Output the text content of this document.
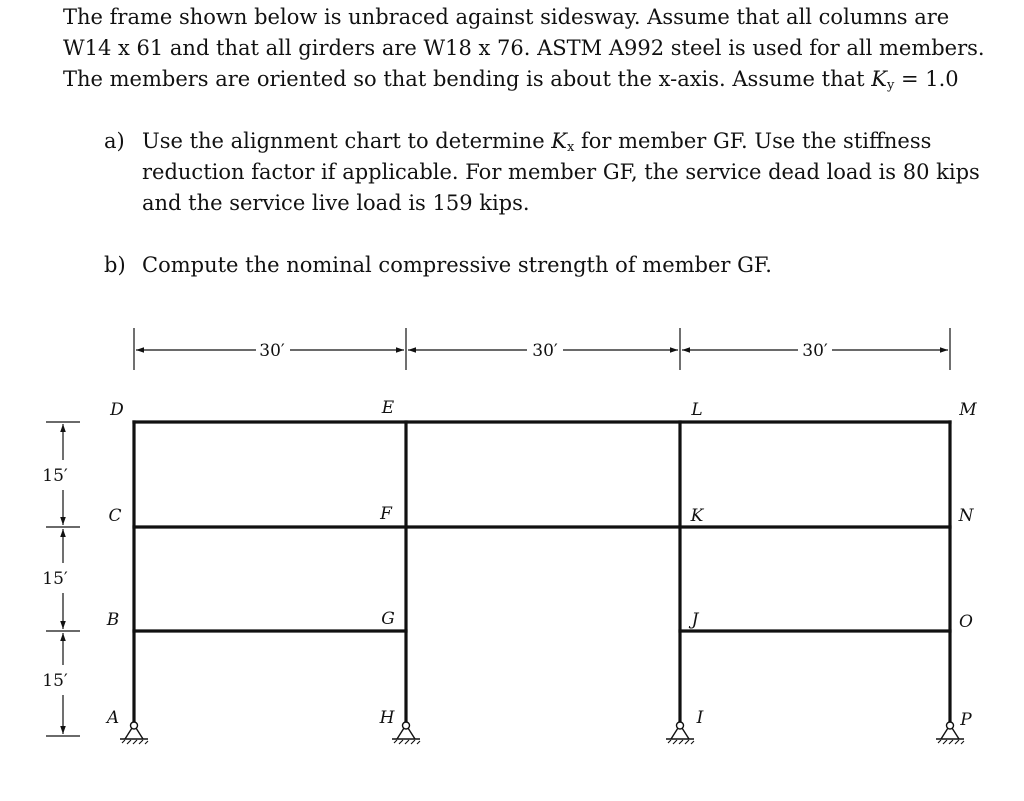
The frame shown below is unbraced against sidesway. Assume that all columns are
W14 x 61 and that all girders are W18 x 76. ASTM A992 steel is used for all members.
The members are oriented so that bending is about the x-axis. Assume that $K_y = 1.0$

a) Use the alignment chart to determine $K_x$ for member GF. Use the stiffness
reduction factor if applicable. For member GF, the service dead load is 80 kips
and the service live load is 159 kips.
b) Compute the nominal compressive strength of member GF.
30′	30′	30′
15′
15′
15′
D
C
B
A
E
F
G
H
L
K
J
I
M
N
O
P
